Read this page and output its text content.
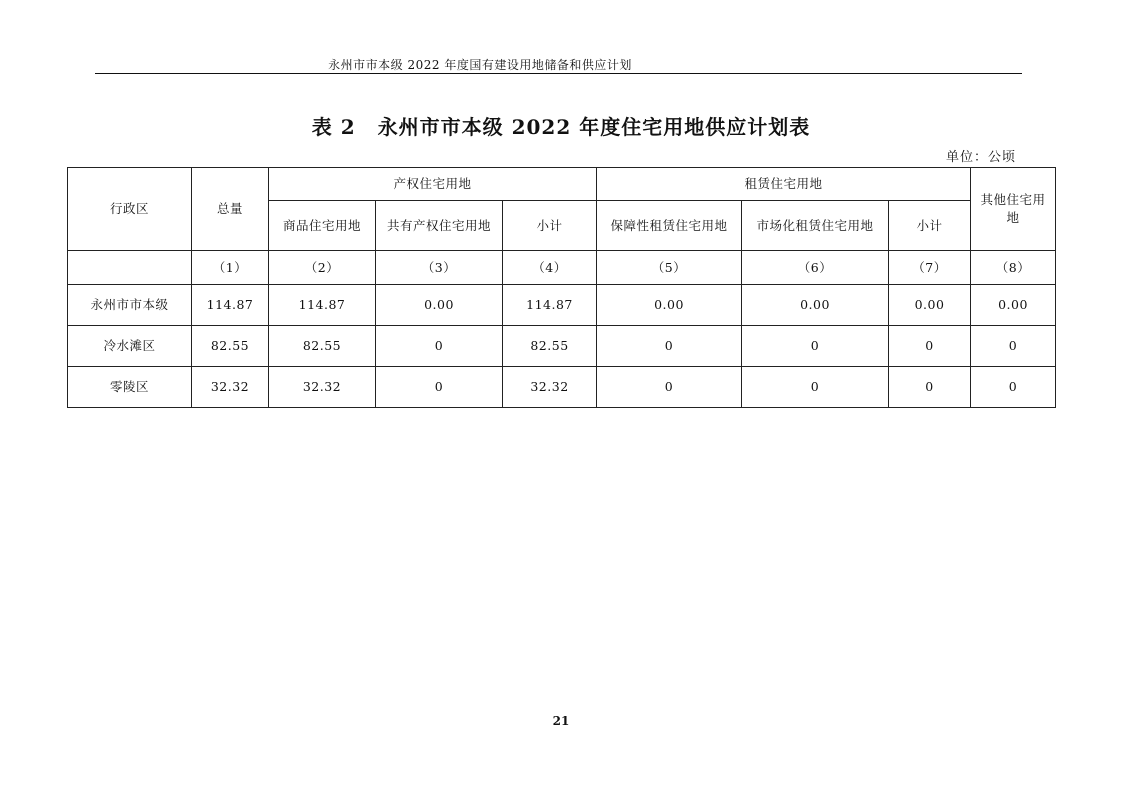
永州市市本级 2022 年度国有建设用地储备和供应计划
表 2 永州市市本级 2022 年度住宅用地供应计划表
单位：公顷
行政区	总量	产权住宅用地			租赁住宅用地			其他住宅用地
		商品住宅用地	共有产权住宅用地	小计	保障性租赁住宅用地	市场化租赁住宅用地	小计	
	（1）	（2）	（3）	（4）	（5）	（6）	（7）	（8）
永州市市本级	114.87	114.87	0.00	114.87	0.00	0.00	0.00	0.00
冷水滩区	82.55	82.55	0	82.55	0	0	0	0
零陵区	32.32	32.32	0	32.32	0	0	0	0
21
